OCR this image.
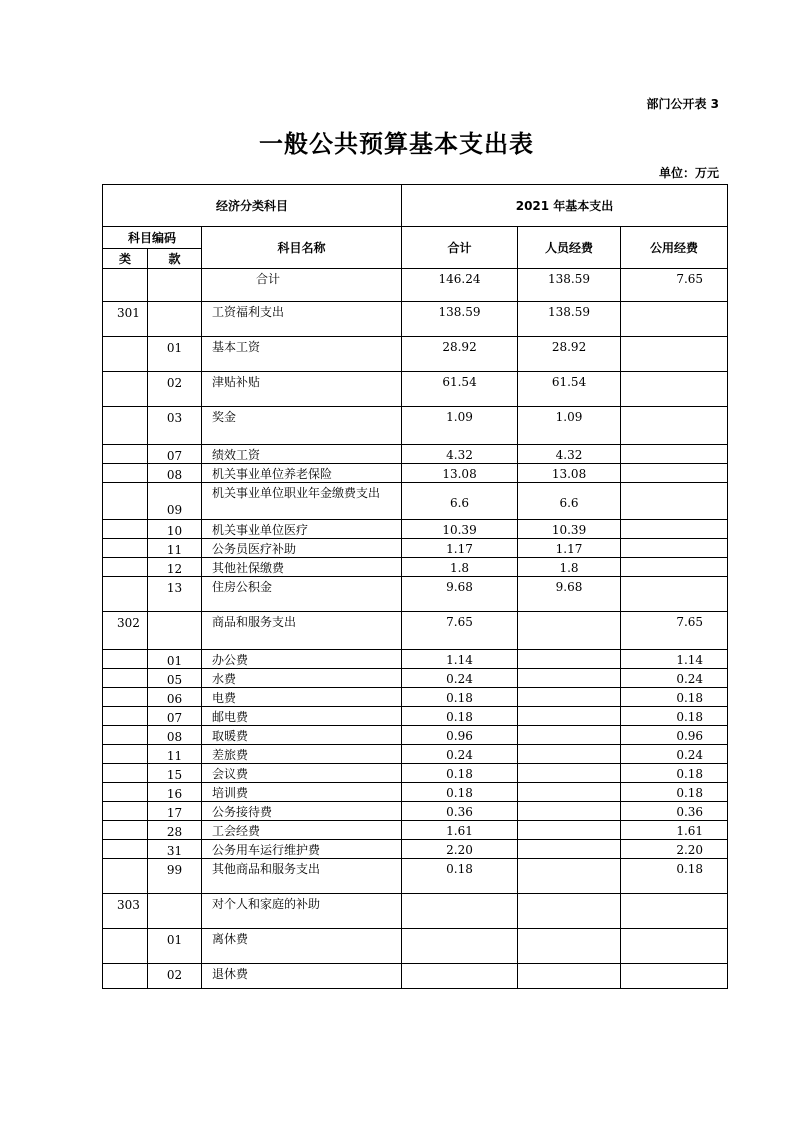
部门公开表 3
一般公共预算基本支出表
单位：万元
经济分类科目			2021 年基本支出		
科目编码		科目名称	合计	人员经费	公用经费
类	款				
		合计	146.24	138.59	7.65
301		工资福利支出	138.59	138.59	
	01	基本工资	28.92	28.92	
	02	津贴补贴	61.54	61.54	
	03	奖金	1.09	1.09	
	07	绩效工资	4.32	4.32	
	08	机关事业单位养老保险	13.08	13.08	
	09	机关事业单位职业年金缴费支出	6.6	6.6	
	10	机关事业单位医疗	10.39	10.39	
	11	公务员医疗补助	1.17	1.17	
	12	其他社保缴费	1.8	1.8	
	13	住房公积金	9.68	9.68	
302		商品和服务支出	7.65		7.65
	01	办公费	1.14		1.14
	05	水费	0.24		0.24
	06	电费	0.18		0.18
	07	邮电费	0.18		0.18
	08	取暖费	0.96		0.96
	11	差旅费	0.24		0.24
	15	会议费	0.18		0.18
	16	培训费	0.18		0.18
	17	公务接待费	0.36		0.36
	28	工会经费	1.61		1.61
	31	公务用车运行维护费	2.20		2.20
	99	其他商品和服务支出	0.18		0.18
303		对个人和家庭的补助			
	01	离休费			
	02	退休费			
